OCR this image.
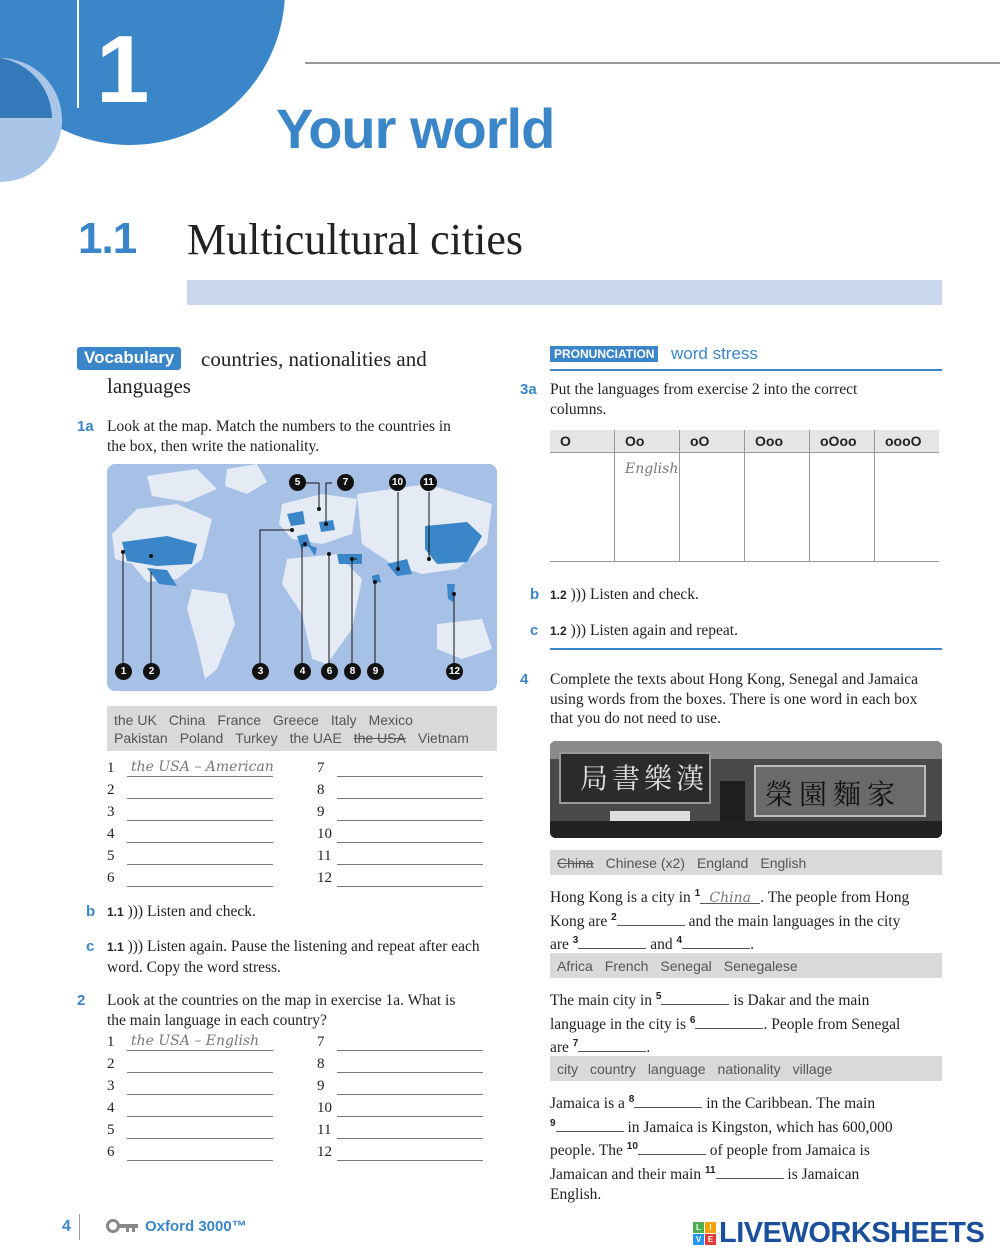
1
Your world
1.1 Multicultural cities
Vocabulary	countries, nationalities and
languages
1a Look at the map. Match the numbers to the countries in
the box, then write the nationality.
1	2	3	4
5
6
7
8	9
10	11
12
the UK China France Greece Italy Mexico
Pakistan Poland Turkey the UAE the USA Vietnam
1 the USA – American
2
3
4
5
6
7
8
9
10
11
12
b 1.1 ))) Listen and check.
c 1.1 ))) Listen again. Pause the listening and repeat after each
word. Copy the word stress.
2 Look at the countries on the map in exercise 1a. What is
the main language in each country?
1 the USA – English
2
3
4
5
6
7
8
9
10
11
12
PRONUNCIATION word stress
3a Put the languages from exercise 2 into the correct
columns.
O	Oo	oO	Ooo	oOoo	oooO

	English				

b 1.2 ))) Listen and check.
c 1.2 ))) Listen again and repeat.
4 Complete the texts about Hong Kong, Senegal and Jamaica
using words from the boxes. There is one word in each box
that you do not need to use.
局書樂漢 榮園麵家
China Chinese (x2) England English
Hong Kong is a city in $^1$ China . The people from Hong
Kong are $^2$	and the main languages in the city
are $^3$	and $^4$	.
Africa French Senegal Senegalese
The main city in $^5$	is Dakar and the main
language in the city is $^6$	. People from Senegal
are $^7$	.
city country language nationality village
Jamaica is a $^8$	in the Caribbean. The main
$^9$	in Jamaica is Kingston, which has 600,000
people. The $^{10}$	of people from Jamaica is
Jamaican and their main $^{11}$	is Jamaican
English.
4	Oxford 3000™	L	I
V E LIVEWORKSHEETS
